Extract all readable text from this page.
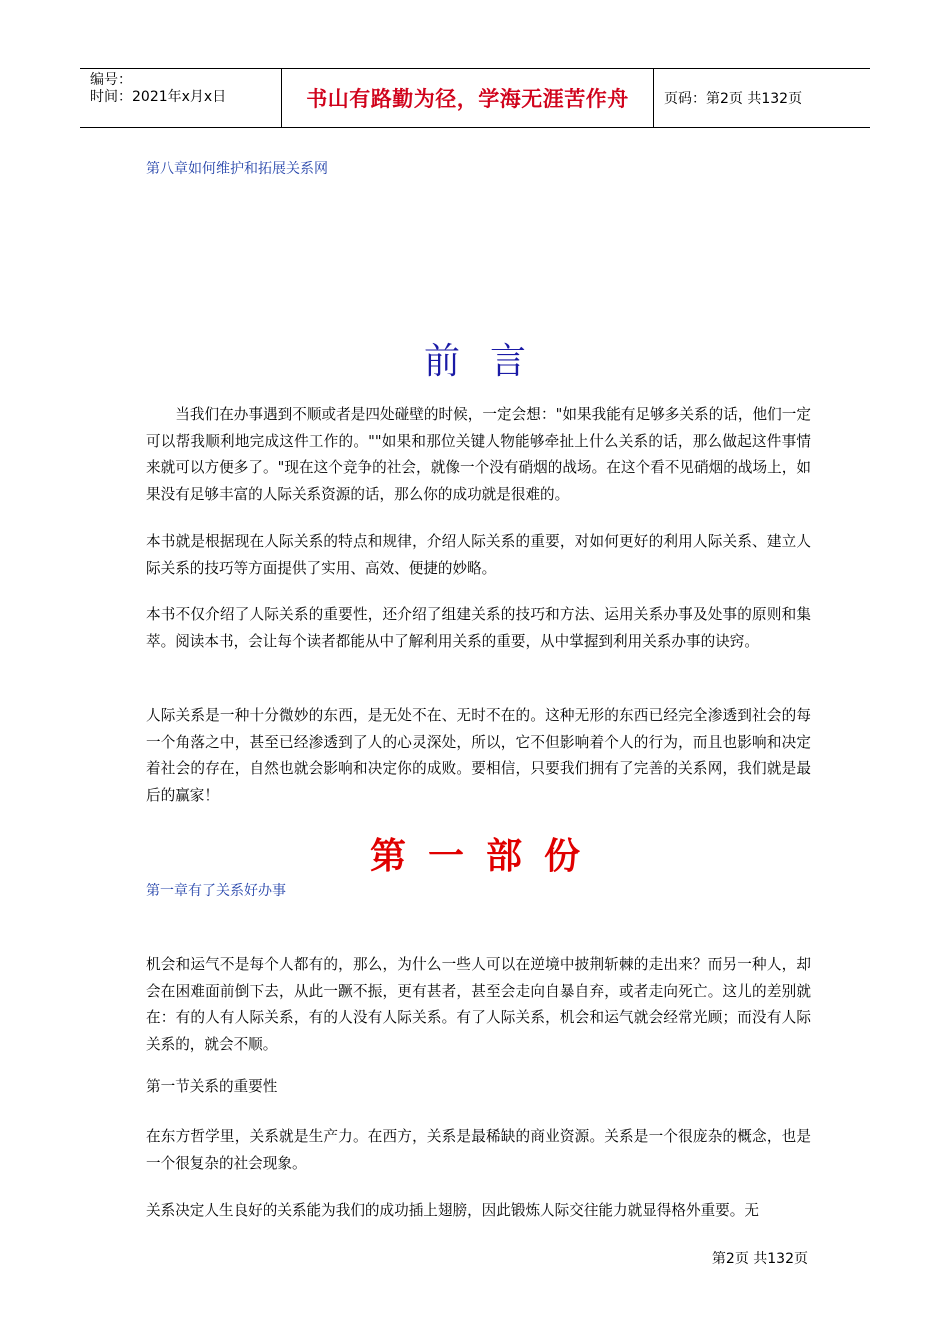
编号：
时间：2021年x月x日	书山有路勤为径，学海无涯苦作舟	页码：第2页 共132页
第八章如何维护和拓展关系网
前言
当我们在办事遇到不顺或者是四处碰壁的时候，一定会想："如果我能有足够多关系的话，他们一定可以帮我顺利地完成这件工作的。""如果和那位关键人物能够牵扯上什么关系的话，那么做起这件事情来就可以方便多了。"现在这个竞争的社会，就像一个没有硝烟的战场。在这个看不见硝烟的战场上，如果没有足够丰富的人际关系资源的话，那么你的成功就是很难的。
本书就是根据现在人际关系的特点和规律，介绍人际关系的重要，对如何更好的利用人际关系、建立人际关系的技巧等方面提供了实用、高效、便捷的妙略。
本书不仅介绍了人际关系的重要性，还介绍了组建关系的技巧和方法、运用关系办事及处事的原则和集萃。阅读本书，会让每个读者都能从中了解利用关系的重要，从中掌握到利用关系办事的诀窍。
人际关系是一种十分微妙的东西，是无处不在、无时不在的。这种无形的东西已经完全渗透到社会的每一个角落之中，甚至已经渗透到了人的心灵深处，所以，它不但影响着个人的行为，而且也影响和决定着社会的存在，自然也就会影响和决定你的成败。要相信，只要我们拥有了完善的关系网，我们就是最后的赢家！
第一部份
第一章有了关系好办事
机会和运气不是每个人都有的，那么，为什么一些人可以在逆境中披荆斩棘的走出来？而另一种人，却会在困难面前倒下去，从此一蹶不振，更有甚者，甚至会走向自暴自弃，或者走向死亡。这儿的差别就在：有的人有人际关系，有的人没有人际关系。有了人际关系，机会和运气就会经常光顾；而没有人际关系的，就会不顺。
第一节关系的重要性
在东方哲学里，关系就是生产力。在西方，关系是最稀缺的商业资源。关系是一个很庞杂的概念，也是一个很复杂的社会现象。
关系决定人生良好的关系能为我们的成功插上翅膀，因此锻炼人际交往能力就显得格外重要。无
第2页 共132页
